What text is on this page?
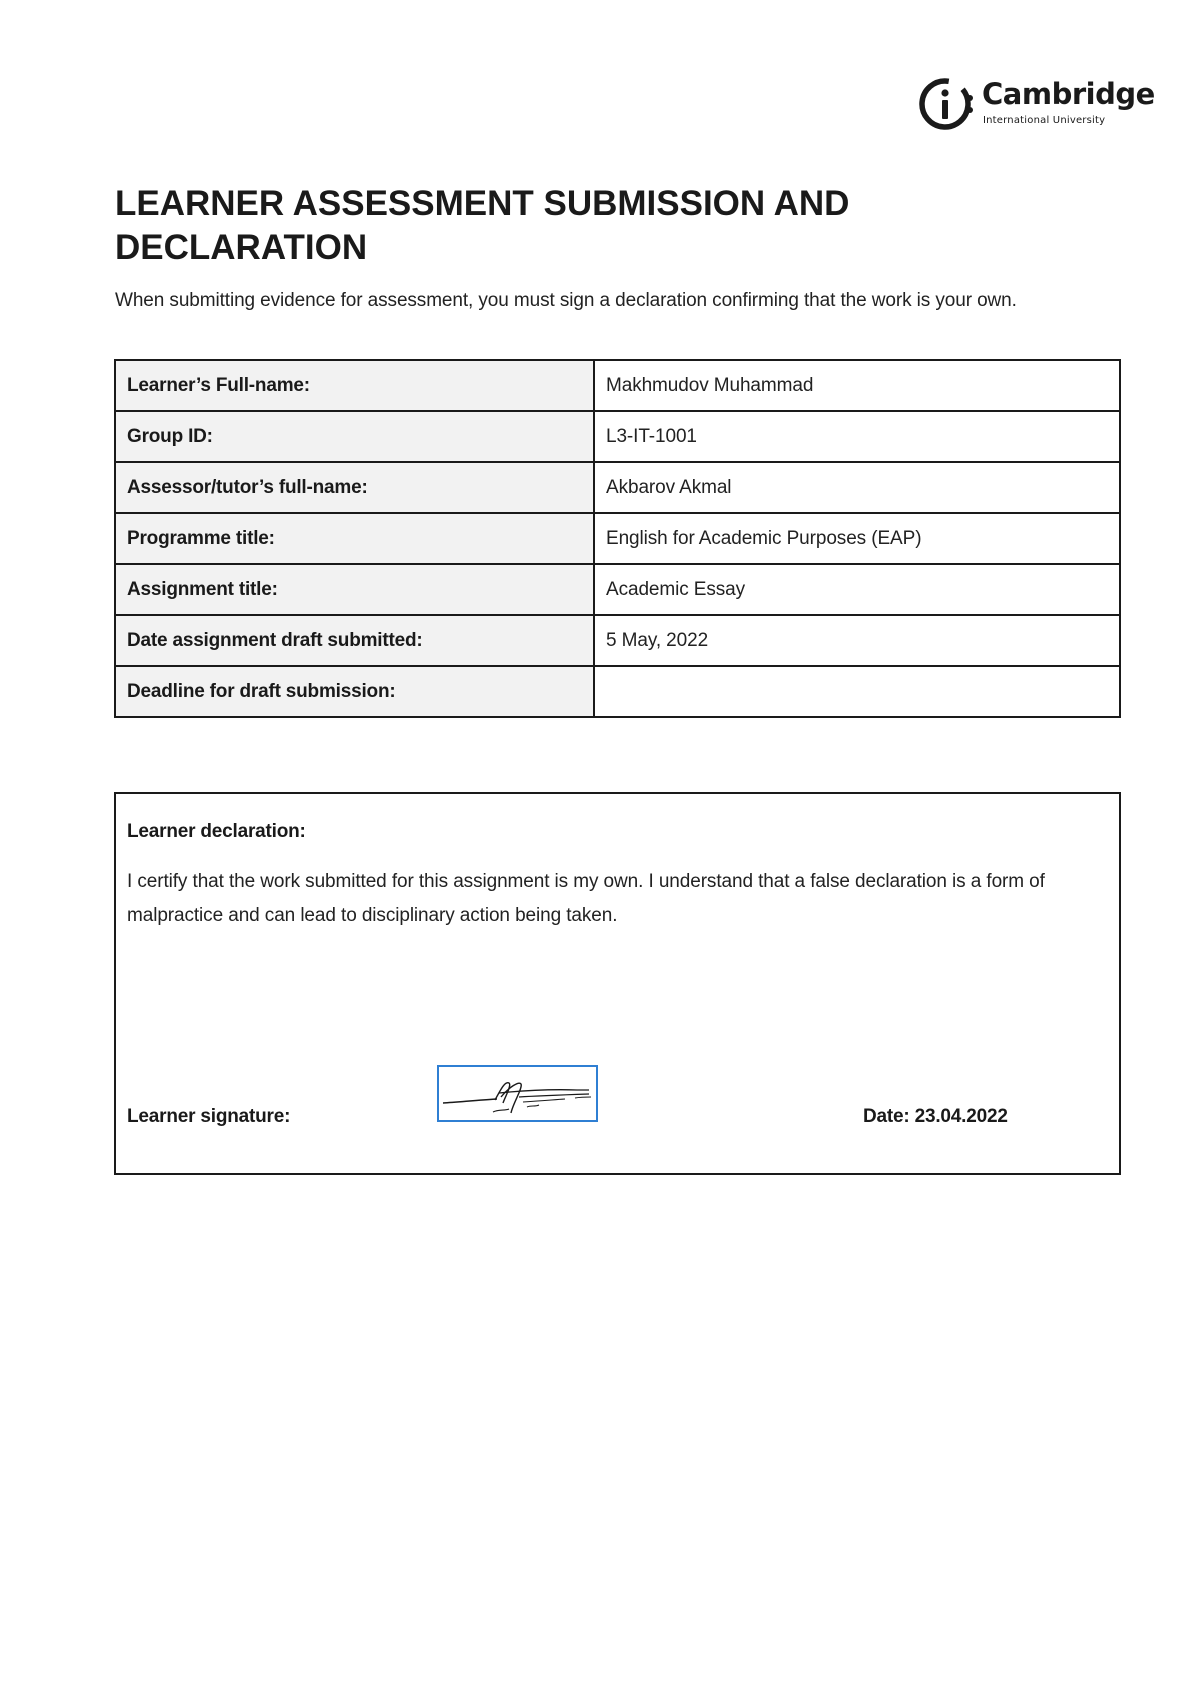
Cambridge
International University
LEARNER ASSESSMENT SUBMISSION AND DECLARATION

When submitting evidence for assessment, you must sign a declaration confirming that the work is your own.

Learner’s Full-name:	Makhmudov Muhammad
Group ID:	L3-IT-1001
Assessor/tutor’s full-name:	Akbarov Akmal
Programme title:	English for Academic Purposes (EAP)
Assignment title:	Academic Essay
Date assignment draft submitted:	5 May, 2022
Deadline for draft submission:	
Learner declaration:

I certify that the work submitted for this assignment is my own. I understand that a false declaration is a form of malpractice and can lead to disciplinary action being taken.

Learner signature:	Date: 23.04.2022
